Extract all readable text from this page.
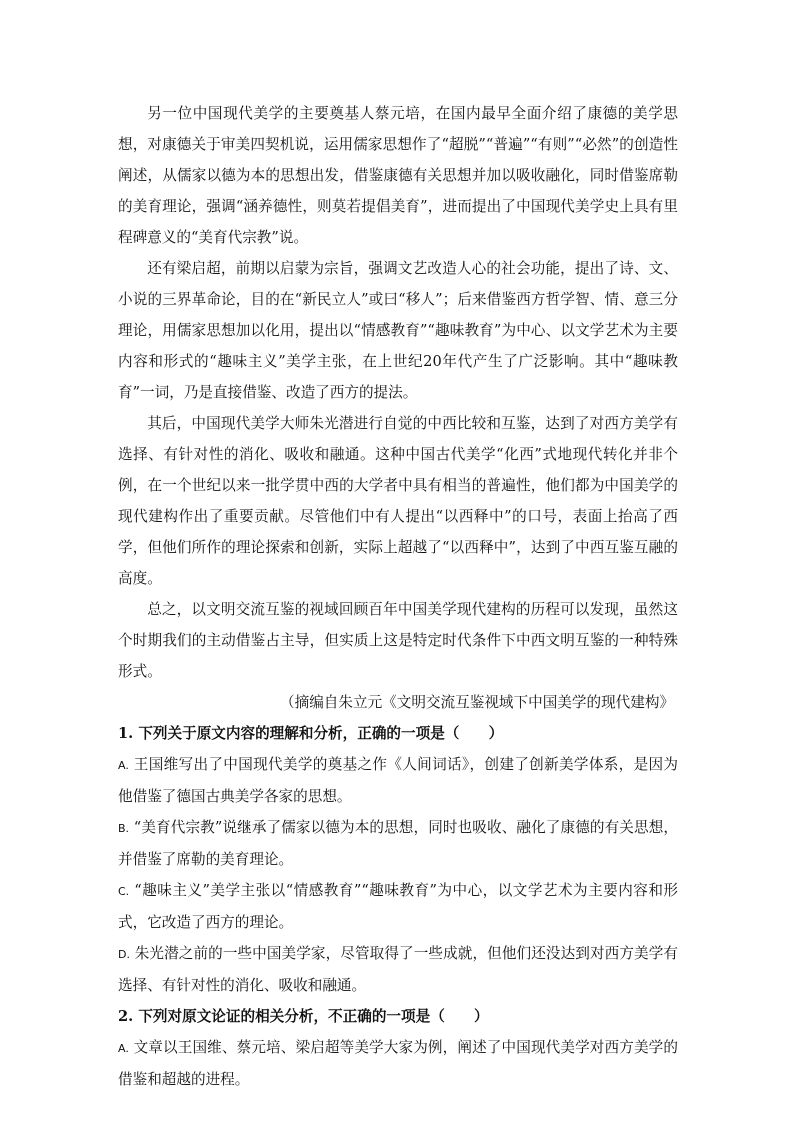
另一位中国现代美学的主要奠基人蔡元培，在国内最早全面介绍了康德的美学思想，对康德关于审美四契机说，运用儒家思想作了“超脱”“普遍”“有则”“必然”的创造性阐述，从儒家以德为本的思想出发，借鉴康德有关思想并加以吸收融化，同时借鉴席勒的美育理论，强调“涵养德性，则莫若提倡美育”，进而提出了中国现代美学史上具有里程碑意义的“美育代宗教”说。

还有梁启超，前期以启蒙为宗旨，强调文艺改造人心的社会功能，提出了诗、文、小说的三界革命论，目的在“新民立人”或曰“移人”；后来借鉴西方哲学智、情、意三分理论，用儒家思想加以化用，提出以“情感教育”“趣味教育”为中心、以文学艺术为主要内容和形式的“趣味主义”美学主张，在上世纪20年代产生了广泛影响。其中“趣味教育”一词，乃是直接借鉴、改造了西方的提法。

其后，中国现代美学大师朱光潜进行自觉的中西比较和互鉴，达到了对西方美学有选择、有针对性的消化、吸收和融通。这种中国古代美学“化西”式地现代转化并非个例，在一个世纪以来一批学贯中西的大学者中具有相当的普遍性，他们都为中国美学的现代建构作出了重要贡献。尽管他们中有人提出“以西释中”的口号，表面上抬高了西学，但他们所作的理论探索和创新，实际上超越了“以西释中”，达到了中西互鉴互融的高度。

总之，以文明交流互鉴的视域回顾百年中国美学现代建构的历程可以发现，虽然这个时期我们的主动借鉴占主导，但实质上这是特定时代条件下中西文明互鉴的一种特殊形式。

（摘编自朱立元《文明交流互鉴视域下中国美学的现代建构》

1. 下列关于原文内容的理解和分析，正确的一项是（　　）

A. 王国维写出了中国现代美学的奠基之作《人间词话》，创建了创新美学体系，是因为他借鉴了德国古典美学各家的思想。

B. “美育代宗教”说继承了儒家以德为本的思想，同时也吸收、融化了康德的有关思想，并借鉴了席勒的美育理论。

C. “趣味主义”美学主张以“情感教育”“趣味教育”为中心，以文学艺术为主要内容和形式，它改造了西方的理论。

D. 朱光潜之前的一些中国美学家，尽管取得了一些成就，但他们还没达到对西方美学有选择、有针对性的消化、吸收和融通。

2. 下列对原文论证的相关分析，不正确的一项是（　　）

A. 文章以王国维、蔡元培、梁启超等美学大家为例，阐述了中国现代美学对西方美学的借鉴和超越的进程。
